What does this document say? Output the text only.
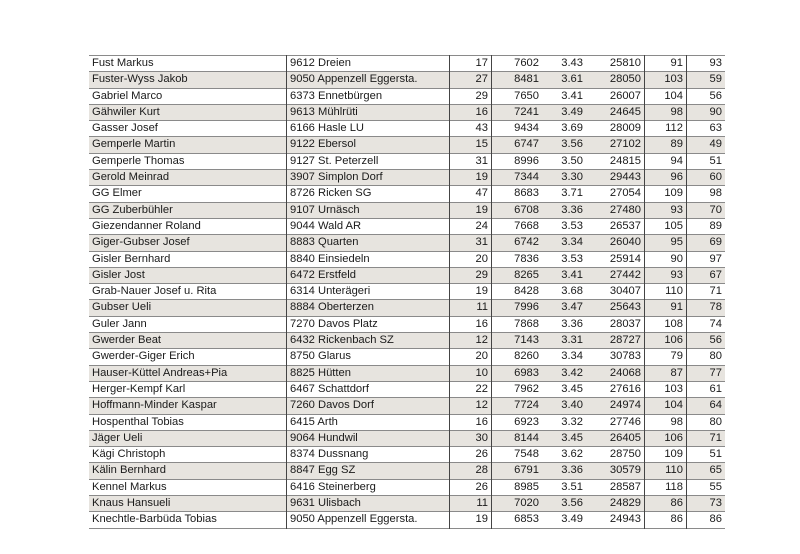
Fust Markus	9612 Dreien	17	7602	3.43	25810	91	93
Fuster-Wyss Jakob	9050 Appenzell Eggersta.	27	8481	3.61	28050	103	59
Gabriel Marco	6373 Ennetbürgen	29	7650	3.41	26007	104	56
Gähwiler Kurt	9613 Mühlrüti	16	7241	3.49	24645	98	90
Gasser Josef	6166 Hasle LU	43	9434	3.69	28009	112	63
Gemperle Martin	9122 Ebersol	15	6747	3.56	27102	89	49
Gemperle Thomas	9127 St. Peterzell	31	8996	3.50	24815	94	51
Gerold Meinrad	3907 Simplon Dorf	19	7344	3.30	29443	96	60
GG Elmer	8726 Ricken SG	47	8683	3.71	27054	109	98
GG Zuberbühler	9107 Urnäsch	19	6708	3.36	27480	93	70
Giezendanner Roland	9044 Wald AR	24	7668	3.53	26537	105	89
Giger-Gubser Josef	8883 Quarten	31	6742	3.34	26040	95	69
Gisler Bernhard	8840 Einsiedeln	20	7836	3.53	25914	90	97
Gisler Jost	6472 Erstfeld	29	8265	3.41	27442	93	67
Grab-Nauer Josef u. Rita	6314 Unterägeri	19	8428	3.68	30407	110	71
Gubser Ueli	8884 Oberterzen	11	7996	3.47	25643	91	78
Guler Jann	7270 Davos Platz	16	7868	3.36	28037	108	74
Gwerder Beat	6432 Rickenbach SZ	12	7143	3.31	28727	106	56
Gwerder-Giger Erich	8750 Glarus	20	8260	3.34	30783	79	80
Hauser-Küttel Andreas+Pia	8825 Hütten	10	6983	3.42	24068	87	77
Herger-Kempf Karl	6467 Schattdorf	22	7962	3.45	27616	103	61
Hoffmann-Minder Kaspar	7260 Davos Dorf	12	7724	3.40	24974	104	64
Hospenthal Tobias	6415 Arth	16	6923	3.32	27746	98	80
Jäger Ueli	9064 Hundwil	30	8144	3.45	26405	106	71
Kägi Christoph	8374 Dussnang	26	7548	3.62	28750	109	51
Kälin Bernhard	8847 Egg SZ	28	6791	3.36	30579	110	65
Kennel Markus	6416 Steinerberg	26	8985	3.51	28587	118	55
Knaus Hansueli	9631 Ulisbach	11	7020	3.56	24829	86	73
Knechtle-Barbüda Tobias	9050 Appenzell Eggersta.	19	6853	3.49	24943	86	86
